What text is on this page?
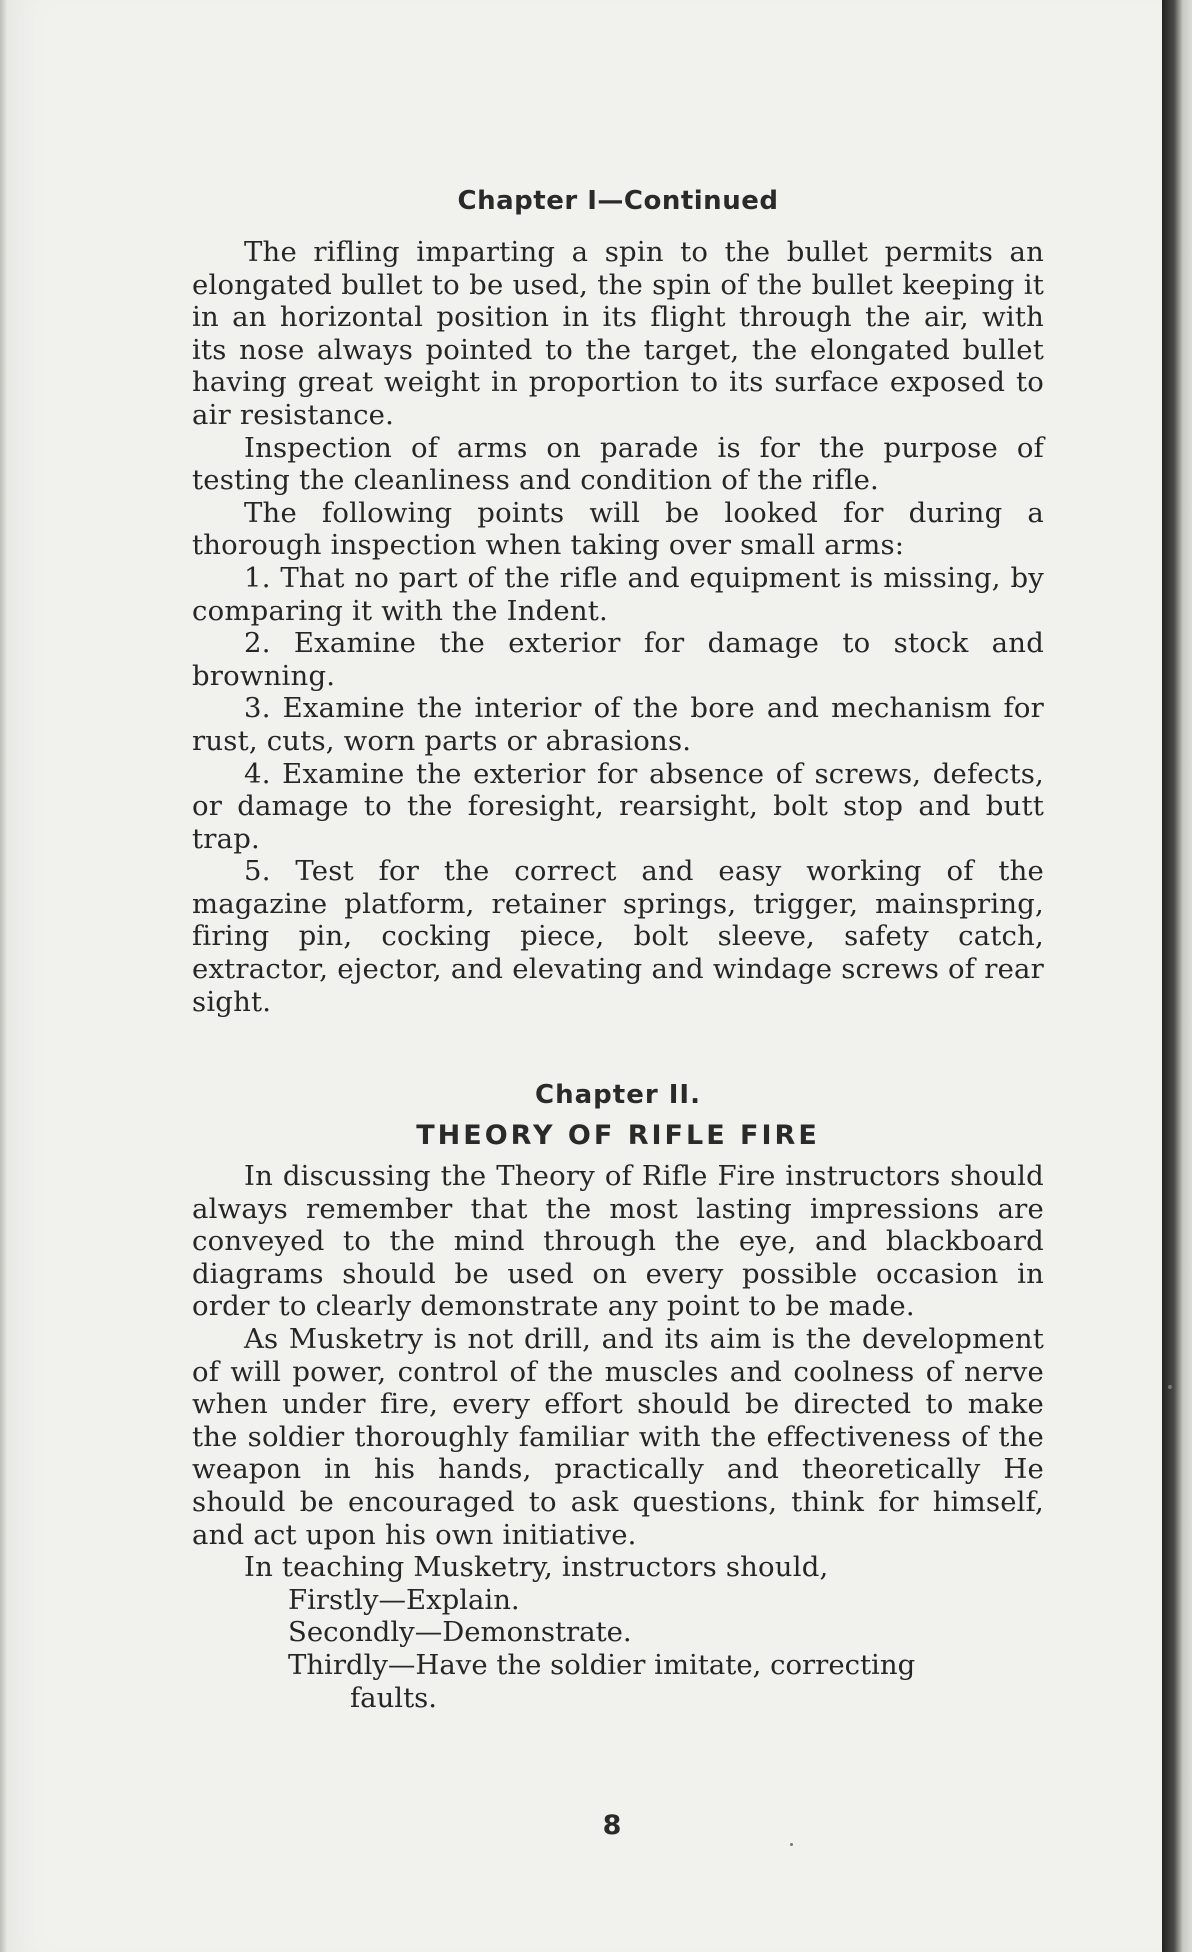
Chapter I—Continued

The rifling imparting a spin to the bullet permits an elongated bullet to be used, the spin of the bullet keeping it in an horizontal position in its flight through the air, with its nose always pointed to the target, the elongated bullet having great weight in proportion to its surface exposed to air resistance.

Inspection of arms on parade is for the purpose of testing the cleanliness and condition of the rifle.

The following points will be looked for during a thorough inspection when taking over small arms:

1. That no part of the rifle and equipment is missing, by comparing it with the Indent.

2. Examine the exterior for damage to stock and browning.

3. Examine the interior of the bore and mechanism for rust, cuts, worn parts or abrasions.

4. Examine the exterior for absence of screws, defects, or damage to the foresight, rearsight, bolt stop and butt trap.

5. Test for the correct and easy working of the magazine platform, retainer springs, trigger, mainspring, firing pin, cocking piece, bolt sleeve, safety catch, extractor, ejector, and elevating and windage screws of rear sight.

Chapter II.
THEORY OF RIFLE FIRE

In discussing the Theory of Rifle Fire instructors should always remember that the most lasting impressions are conveyed to the mind through the eye, and blackboard diagrams should be used on every possible occasion in order to clearly demonstrate any point to be made.

As Musketry is not drill, and its aim is the development of will power, control of the muscles and coolness of nerve when under fire, every effort should be directed to make the soldier thoroughly familiar with the effectiveness of the weapon in his hands, practically and theoretically He should be encouraged to ask questions, think for himself, and act upon his own initiative.

In teaching Musketry, instructors should,

Firstly—Explain.
Secondly—Demonstrate.
Thirdly—Have the soldier imitate, correcting
faults.
8
